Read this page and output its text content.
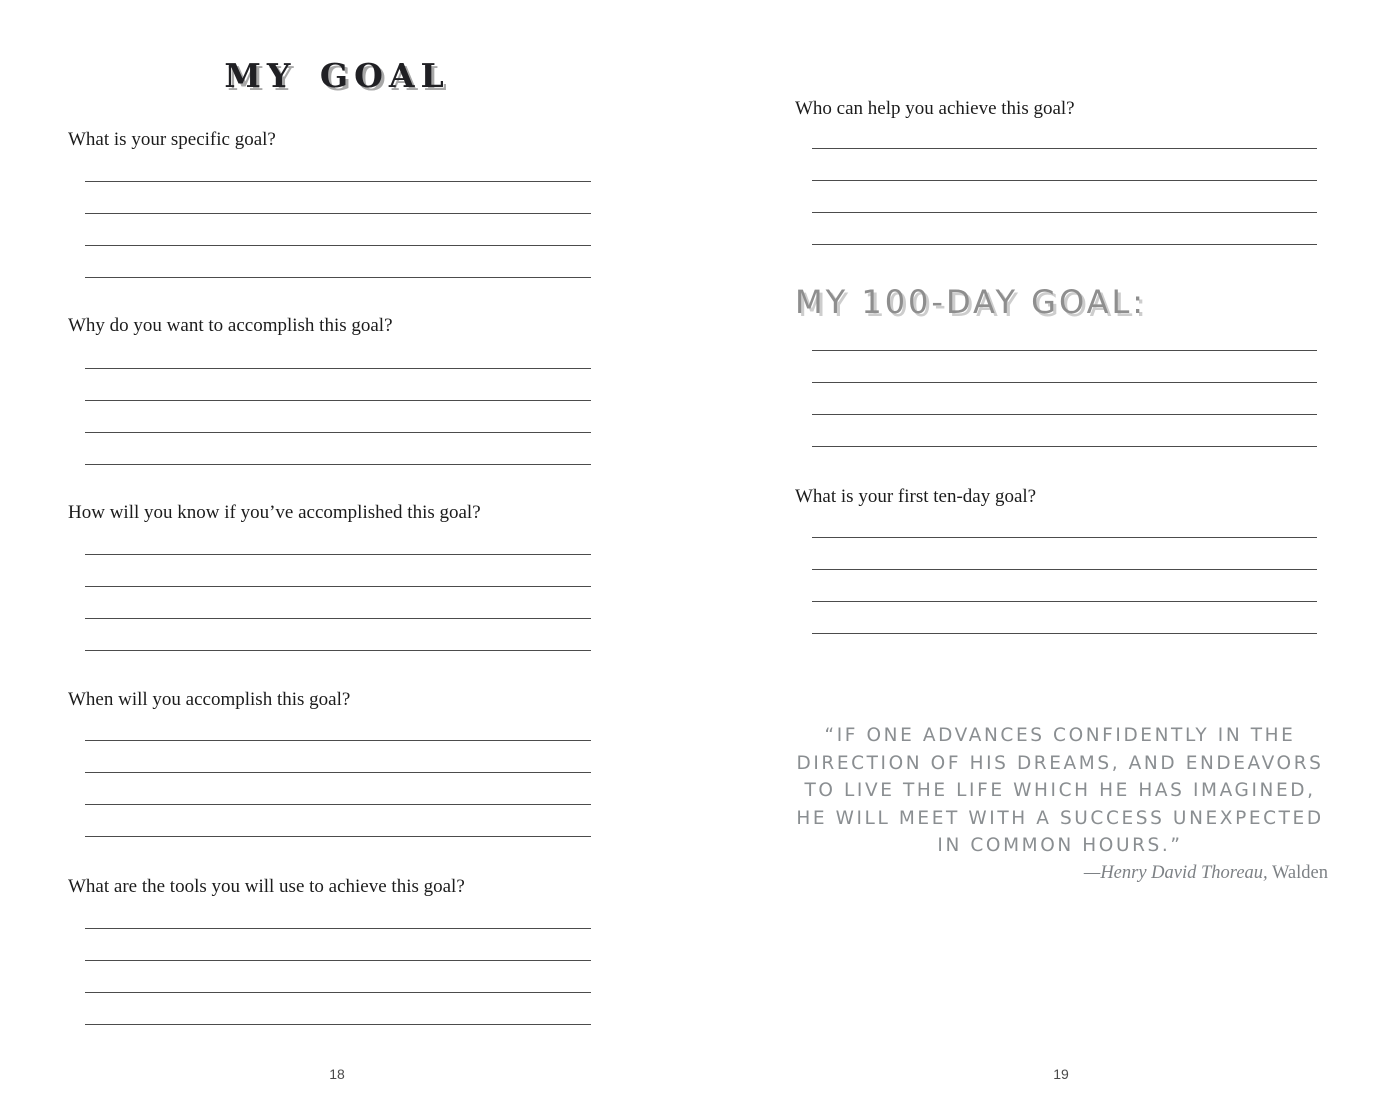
MY GOAL
What is your specific goal?
Why do you want to accomplish this goal?
How will you know if you’ve accomplished this goal?
When will you accomplish this goal?
What are the tools you will use to achieve this goal?
18
Who can help you achieve this goal?
MY 100-DAY GOAL:
What is your first ten-day goal?
“IF ONE ADVANCES CONFIDENTLY IN THE
DIRECTION OF HIS DREAMS, AND ENDEAVORS
TO LIVE THE LIFE WHICH HE HAS IMAGINED,
HE WILL MEET WITH A SUCCESS UNEXPECTED
IN COMMON HOURS.”
—Henry David Thoreau, Walden
19
